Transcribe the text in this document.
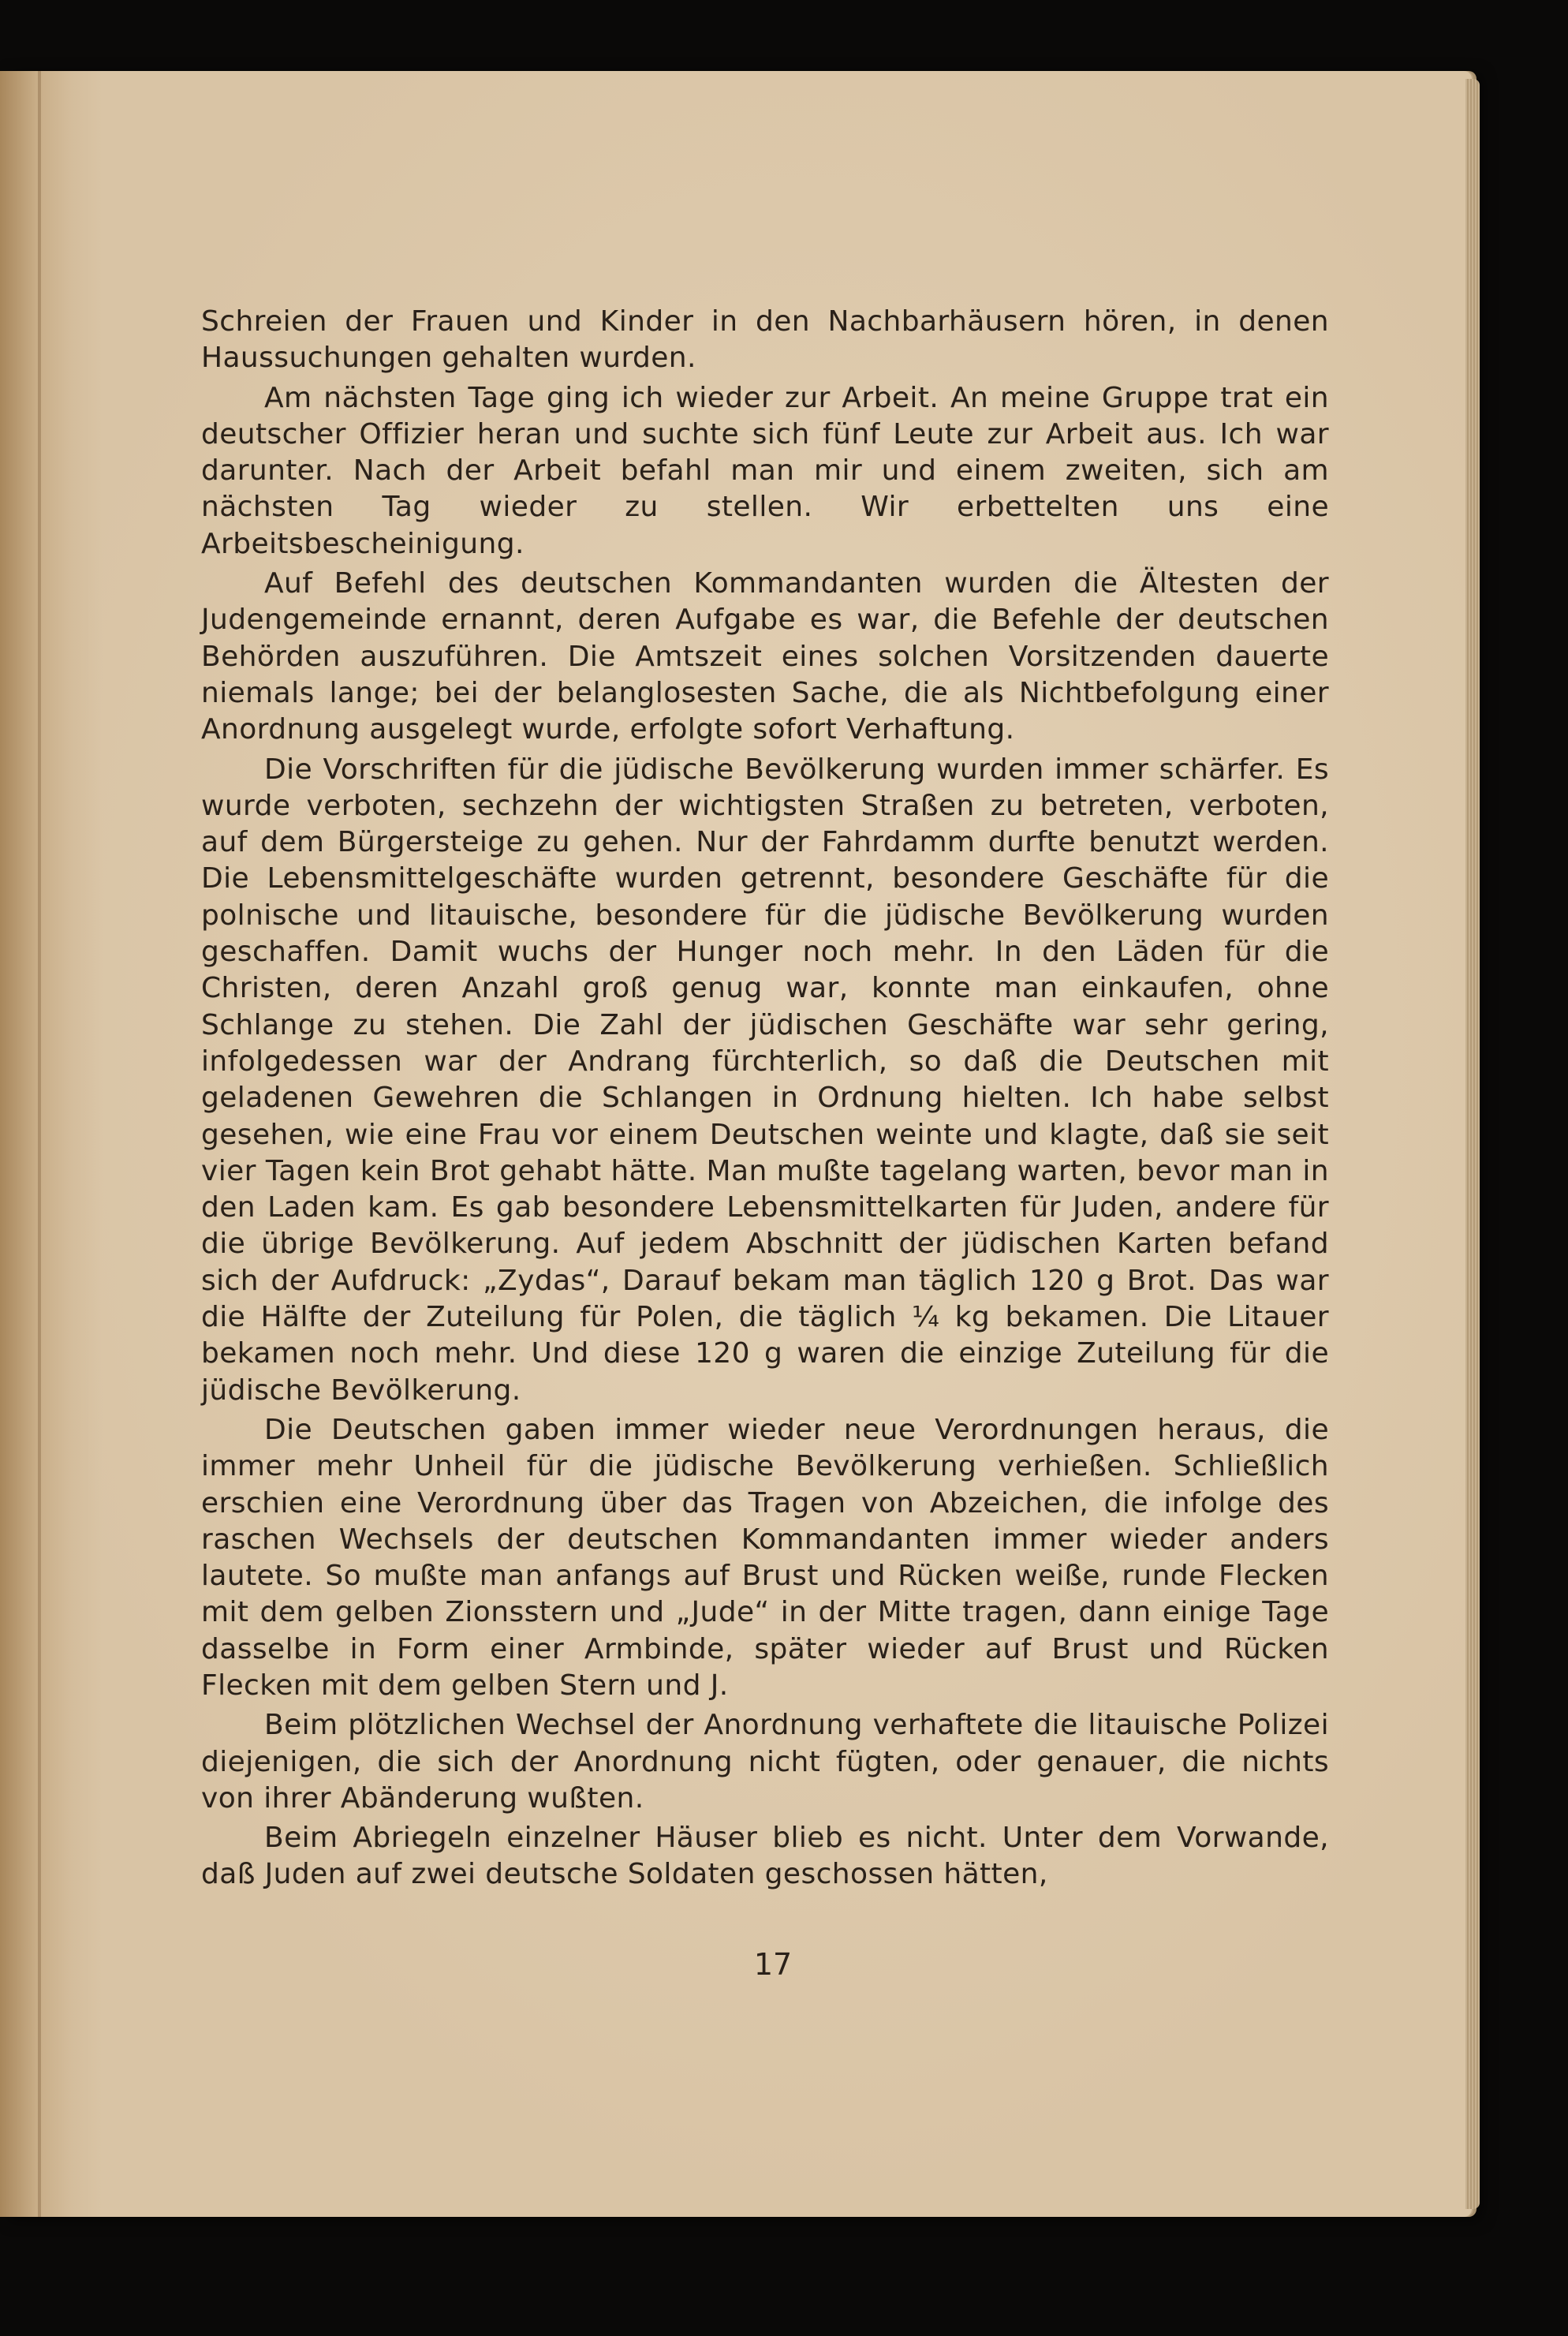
Schreien der Frauen und Kinder in den Nachbarhäusern hören, in denen Haussuchungen gehalten wurden.

Am nächsten Tage ging ich wieder zur Arbeit. An meine Gruppe trat ein deutscher Offizier heran und suchte sich fünf Leute zur Arbeit aus. Ich war darunter. Nach der Arbeit befahl man mir und einem zweiten, sich am nächsten Tag wieder zu stellen. Wir erbettelten uns eine Arbeitsbescheinigung.

Auf Befehl des deutschen Kommandanten wurden die Ältesten der Judengemeinde ernannt, deren Aufgabe es war, die Befehle der deutschen Behörden auszuführen. Die Amtszeit eines solchen Vorsitzenden dauerte niemals lange; bei der belanglosesten Sache, die als Nichtbefolgung einer Anordnung ausgelegt wurde, erfolgte sofort Verhaftung.

Die Vorschriften für die jüdische Bevölkerung wurden immer schärfer. Es wurde verboten, sechzehn der wichtigsten Straßen zu betreten, verboten, auf dem Bürgersteige zu gehen. Nur der Fahrdamm durfte benutzt werden. Die Lebensmittelgeschäfte wurden getrennt, besondere Geschäfte für die polnische und litauische, besondere für die jüdische Bevölkerung wurden geschaffen. Damit wuchs der Hunger noch mehr. In den Läden für die Christen, deren Anzahl groß genug war, konnte man einkaufen, ohne Schlange zu stehen. Die Zahl der jüdischen Geschäfte war sehr gering, infolgedessen war der Andrang fürchterlich, so daß die Deutschen mit geladenen Gewehren die Schlangen in Ordnung hielten. Ich habe selbst gesehen, wie eine Frau vor einem Deutschen weinte und klagte, daß sie seit vier Tagen kein Brot gehabt hätte. Man mußte tagelang warten, bevor man in den Laden kam. Es gab besondere Lebensmittelkarten für Juden, andere für die übrige Bevölkerung. Auf jedem Abschnitt der jüdischen Karten befand sich der Aufdruck: „Zydas“, Darauf bekam man täglich 120 g Brot. Das war die Hälfte der Zuteilung für Polen, die täglich ¼ kg bekamen. Die Litauer bekamen noch mehr. Und diese 120 g waren die einzige Zuteilung für die jüdische Bevölkerung.

Die Deutschen gaben immer wieder neue Verordnungen heraus, die immer mehr Unheil für die jüdische Bevölkerung verhießen. Schließlich erschien eine Verordnung über das Tragen von Abzeichen, die infolge des raschen Wechsels der deutschen Kommandanten immer wieder anders lautete. So mußte man anfangs auf Brust und Rücken weiße, runde Flecken mit dem gelben Zionsstern und „Jude“ in der Mitte tragen, dann einige Tage dasselbe in Form einer Armbinde, später wieder auf Brust und Rücken Flecken mit dem gelben Stern und J.

Beim plötzlichen Wechsel der Anordnung verhaftete die litauische Polizei diejenigen, die sich der Anordnung nicht fügten, oder genauer, die nichts von ihrer Abänderung wußten.

Beim Abriegeln einzelner Häuser blieb es nicht. Unter dem Vorwande, daß Juden auf zwei deutsche Soldaten geschossen hätten,

17
